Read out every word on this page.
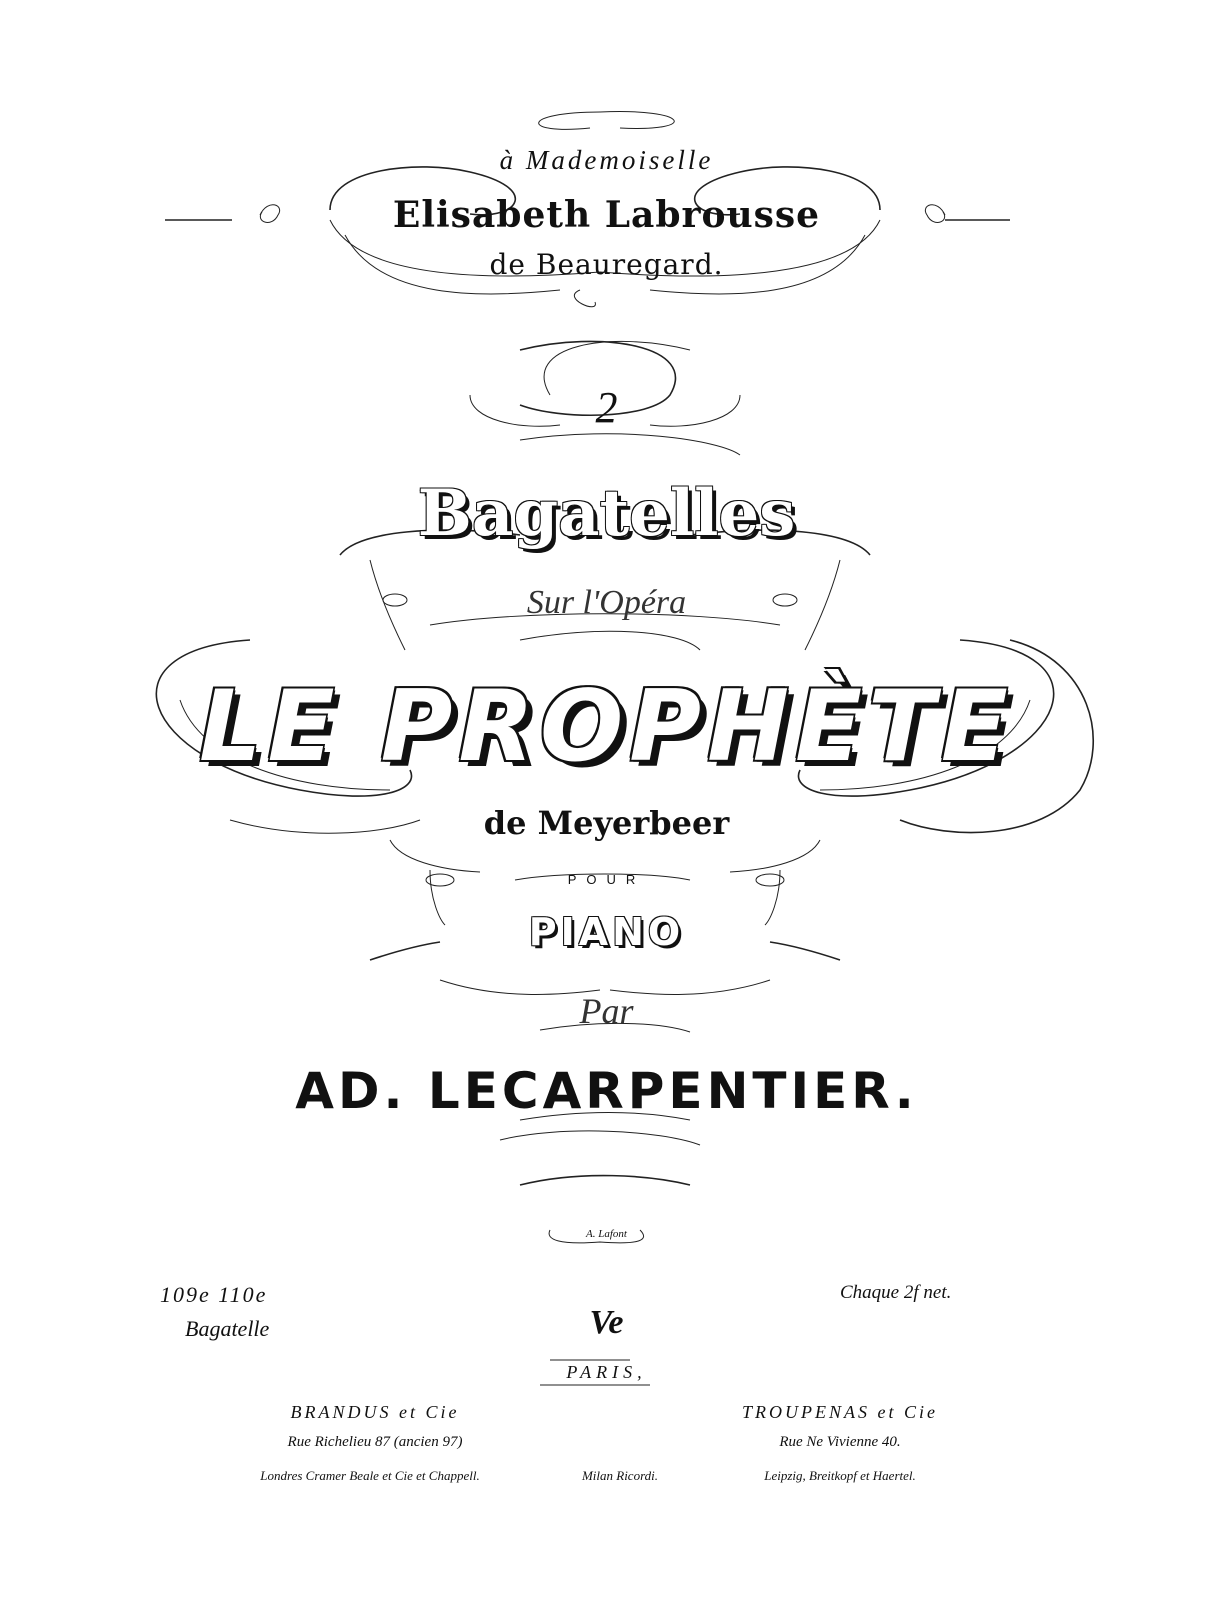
à Mademoiselle
Elisabeth Labrousse
de Beauregard.
2
Bagatelles
Sur l'Opéra
LE PROPHÈTE
de Meyerbeer
POUR
PIANO
Par
AD. LECARPENTIER.
A. Lafont
109e 110e
Bagatelle	Ve
Chaque 2f net.
PARIS,
BRANDUS et Cie
Rue Richelieu 87 (ancien 97)
Londres Cramer Beale et Cie et Chappell.	Milan Ricordi.
TROUPENAS et Cie
Rue Ne Vivienne 40.
Leipzig, Breitkopf et Haertel.
